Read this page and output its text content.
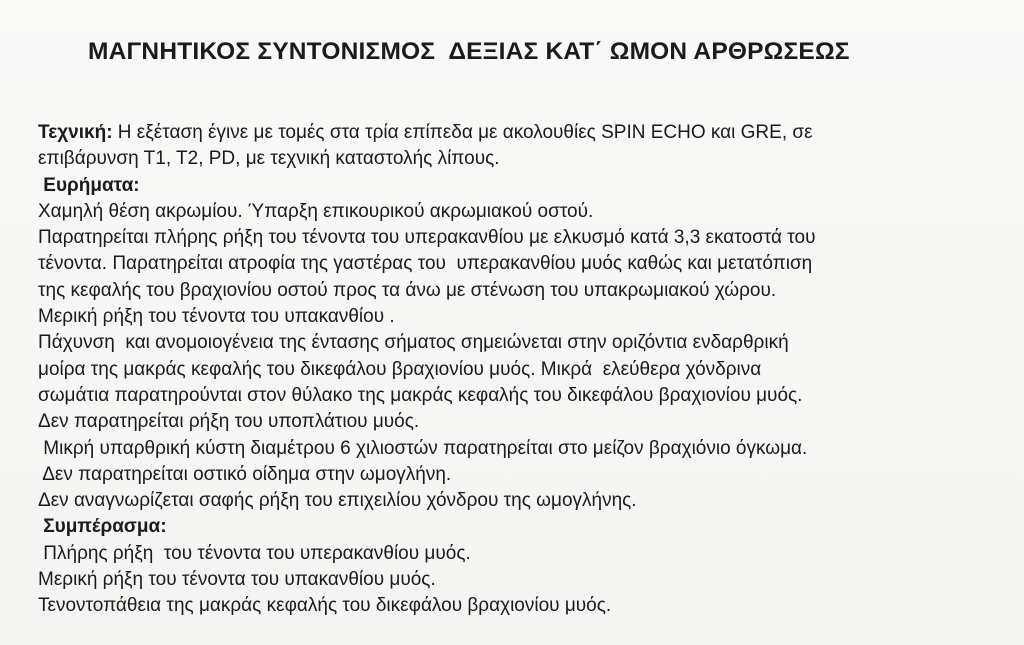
ΜΑΓΝΗΤΙΚΟΣ ΣΥΝΤΟΝΙΣΜΟΣ  ΔΕΞΙΑΣ ΚΑΤ΄ ΩΜΟΝ ΑΡΘΡΩΣΕΩΣ
Τεχνική: Η εξέταση έγινε με τομές στα τρία επίπεδα με ακολουθίες SPIN ECHO και GRE, σε
επιβάρυνση Τ1, Τ2, PD, με τεχνική καταστολής λίπους.
Ευρήματα:
Χαμηλή θέση ακρωμίου. Ύπαρξη επικουρικού ακρωμιακού οστού.
Παρατηρείται πλήρης ρήξη του τένοντα του υπερακανθίου με ελκυσμό κατά 3,3 εκατοστά του
τένοντα. Παρατηρείται ατροφία της γαστέρας του  υπερακανθίου μυός καθώς και μετατόπιση
της κεφαλής του βραχιονίου οστού προς τα άνω με στένωση του υπακρωμιακού χώρου.
Μερική ρήξη του τένοντα του υπακανθίου .
Πάχυνση  και ανομοιογένεια της έντασης σήματος σημειώνεται στην οριζόντια ενδαρθρική
μοίρα της μακράς κεφαλής του δικεφάλου βραχιονίου μυός. Μικρά  ελεύθερα χόνδρινα
σωμάτια παρατηρούνται στον θύλακο της μακράς κεφαλής του δικεφάλου βραχιονίου μυός.
Δεν παρατηρείται ρήξη του υποπλάτιου μυός.
Μικρή υπαρθρική κύστη διαμέτρου 6 χιλιοστών παρατηρείται στο μείζον βραχιόνιο όγκωμα.
Δεν παρατηρείται οστικό οίδημα στην ωμογλήνη.
Δεν αναγνωρίζεται σαφής ρήξη του επιχειλίου χόνδρου της ωμογλήνης.
Συμπέρασμα:
Πλήρης ρήξη  του τένοντα του υπερακανθίου μυός.
Μερική ρήξη του τένοντα του υπακανθίου μυός.
Τενοντοπάθεια της μακράς κεφαλής του δικεφάλου βραχιονίου μυός.
